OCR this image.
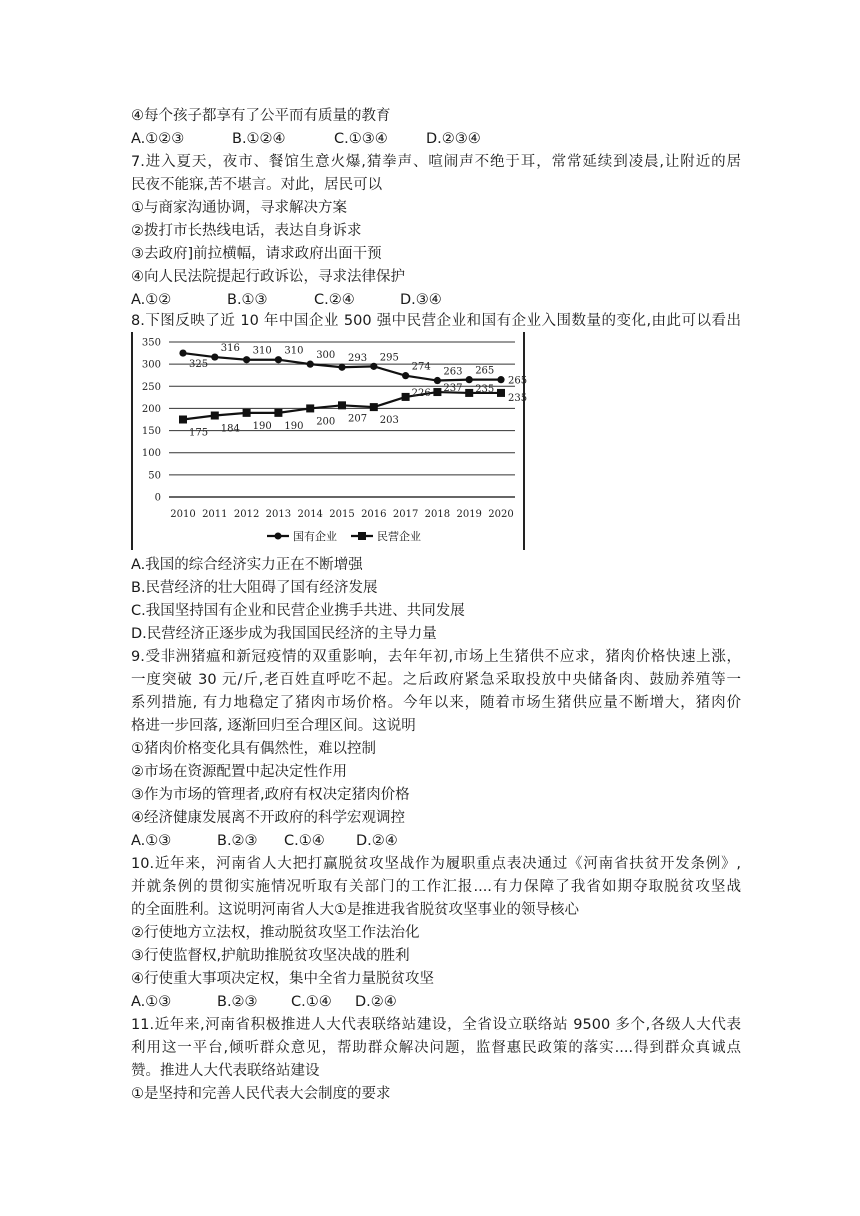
④每个孩子都享有了公平而有质量的教育
A.①②③	B.①②④	C.①③④	D.②③④
7.进入夏天，夜市、餐馆生意火爆,猜拳声、喧闹声不绝于耳，常常延续到凌晨,让附近的居
民夜不能寐,苦不堪言。对此，居民可以
①与商家沟通协调，寻求解决方案
②拨打市长热线电话，表达自身诉求
③去政府]前拉横幅，请求政府出面干预
④向人民法院提起行政诉讼，寻求法律保护
A.①②	B.①③	C.②④	D.③④
8.下图反映了近 10 年中国企业 500 强中民营企业和国有企业入围数量的变化,由此可以看出
0
50
100
150
200
250
300
350
2010 2011 2012 2013 2014 2015 2016 2017 2018 2019 2020
325
316 310 310 300 293 295
274 263 265
265
175 184 190 190 200 207 203
226 237 235
235
国有企业	民营企业
A.我国的综合经济实力正在不断增强
B.民营经济的壮大阻碍了国有经济发展
C.我国坚持国有企业和民营企业携手共进、共同发展
D.民营经济正逐步成为我国国民经济的主导力量
9.受非洲猪瘟和新冠疫情的双重影响，去年年初,市场上生猪供不应求，猪肉价格快速上涨，
一度突破 30 元/斤,老百姓直呼吃不起。之后政府紧急采取投放中央储备肉、鼓励养殖等一
系列措施, 有力地稳定了猪肉市场价格。今年以来，随着市场生猪供应量不断增大，猪肉价
格进一步回落, 逐渐回归至合理区间。这说明
①猪肉价格变化具有偶然性，难以控制
②市场在资源配置中起决定性作用
③作为市场的管理者,政府有权决定猪肉价格
④经济健康发展离不开政府的科学宏观调控
A.①③	B.②③ C.①④ D.②④
10.近年来，河南省人大把打赢脱贫攻坚战作为履职重点表决通过《河南省扶贫开发条例》,
并就条例的贯彻实施情况听取有关部门的工作汇报....有力保障了我省如期夺取脱贫攻坚战
的全面胜利。这说明河南省人大①是推进我省脱贫攻坚事业的领导核心
②行使地方立法权，推动脱贫攻坚工作法治化
③行使监督权,护航助推脱贫攻坚决战的胜利
④行使重大事项决定权，集中全省力量脱贫攻坚
A.①③	B.②③ C.①④ D.②④
11.近年来,河南省积极推进人大代表联络站建设，全省设立联络站 9500 多个,各级人大代表
利用这一平台,倾听群众意见，帮助群众解决问题，监督惠民政策的落实....得到群众真诚点
赞。推进人大代表联络站建设
①是坚持和完善人民代表大会制度的要求
